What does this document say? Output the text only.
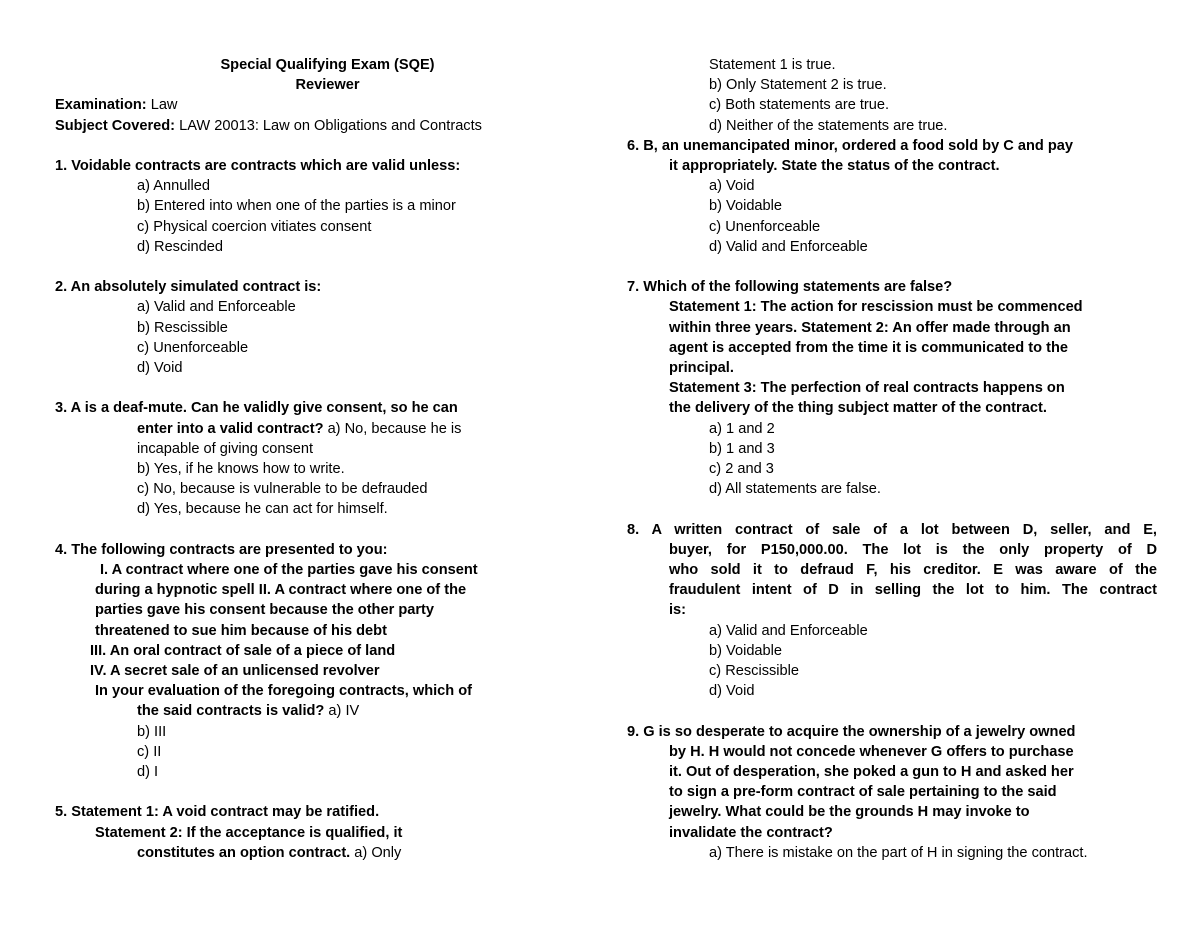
Special Qualifying Exam (SQE)
Reviewer
Examination: Law
Subject Covered: LAW 20013: Law on Obligations and Contracts
1. Voidable contracts are contracts which are valid unless:
a) Annulled
b) Entered into when one of the parties is a minor
c) Physical coercion vitiates consent
d) Rescinded
2. An absolutely simulated contract is:
a) Valid and Enforceable
b) Rescissible
c) Unenforceable
d) Void
3. A is a deaf-mute. Can he validly give consent, so he can
enter into a valid contract? a) No, because he is
incapable of giving consent
b) Yes, if he knows how to write.
c) No, because is vulnerable to be defrauded
d) Yes, because he can act for himself.
4. The following contracts are presented to you:
I. A contract where one of the parties gave his consent
during a hypnotic spell II. A contract where one of the
parties gave his consent because the other party
threatened to sue him because of his debt
III. An oral contract of sale of a piece of land
IV. A secret sale of an unlicensed revolver
In your evaluation of the foregoing contracts, which of
the said contracts is valid? a) IV
b) III
c) II
d) I
5. Statement 1: A void contract may be ratified.
Statement 2: If the acceptance is qualified, it
constitutes an option contract. a) Only
Statement 1 is true.
b) Only Statement 2 is true.
c) Both statements are true.
d) Neither of the statements are true.
6. B, an unemancipated minor, ordered a food sold by C and pay
it appropriately. State the status of the contract.
a) Void
b) Voidable
c) Unenforceable
d) Valid and Enforceable
7. Which of the following statements are false?
Statement 1: The action for rescission must be commenced
within three years. Statement 2: An offer made through an
agent is accepted from the time it is communicated to the
principal.
Statement 3: The perfection of real contracts happens on
the delivery of the thing subject matter of the contract.
a) 1 and 2
b) 1 and 3
c) 2 and 3
d) All statements are false.
8. A written contract of sale of a lot between D, seller, and E,
buyer, for P150,000.00. The lot is the only property of D
who sold it to defraud F, his creditor. E was aware of the
fraudulent intent of D in selling the lot to him. The contract
is:
a) Valid and Enforceable
b) Voidable
c) Rescissible
d) Void
9. G is so desperate to acquire the ownership of a jewelry owned
by H. H would not concede whenever G offers to purchase
it. Out of desperation, she poked a gun to H and asked her
to sign a pre-form contract of sale pertaining to the said
jewelry. What could be the grounds H may invoke to
invalidate the contract?
a) There is mistake on the part of H in signing the contract.
